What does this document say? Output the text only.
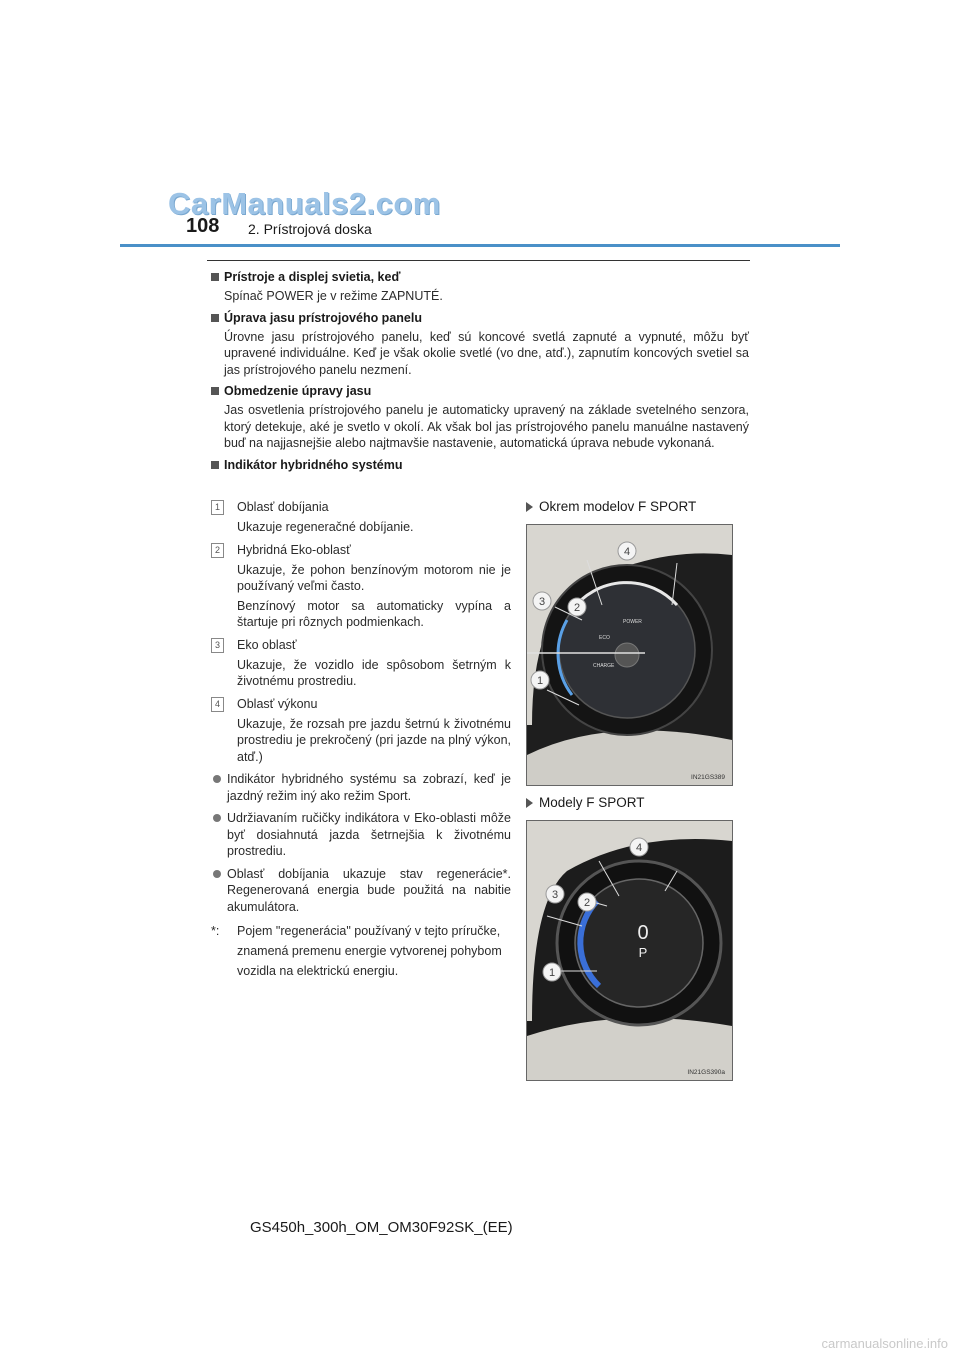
CarManuals2.com
108 2. Prístrojová doska
Prístroje a displej svietia, keď
Spínač POWER je v režime ZAPNUTÉ.
Úprava jasu prístrojového panelu
Úrovne jasu prístrojového panelu, keď sú koncové svetlá zapnuté a vypnuté, môžu byť upravené individuálne. Keď je však okolie svetlé (vo dne, atď.), zapnutím koncových svetiel sa jas prístrojového panelu nezmení.
Obmedzenie úpravy jasu
Jas osvetlenia prístrojového panelu je automaticky upravený na základe svetelného senzora, ktorý detekuje, aké je svetlo v okolí. Ak však bol jas prístrojového panelu manuálne nastavený buď na najjasnejšie alebo najtmavšie nastavenie, automatická úprava nebude vykonaná.
Indikátor hybridného systému
1	Oblasť dobíjania
Ukazuje regeneračné dobíjanie.
2	Hybridná Eko-oblasť
Ukazuje, že pohon benzínovým motorom nie je používaný veľmi často.
Benzínový motor sa automaticky vypína a štartuje pri rôznych podmienkach.
3	Eko oblasť
Ukazuje, že vozidlo ide spôsobom šetrným k životnému prostrediu.
4	Oblasť výkonu
Ukazuje, že rozsah pre jazdu šetrnú k životnému prostrediu je prekročený (pri jazde na plný výkon, atď.)
Indikátor hybridného systému sa zobrazí, keď je jazdný režim iný ako režim Sport.
Udržiavaním ručičky indikátora v Eko-oblasti môže byť dosiahnutá jazda šetrnejšia k životnému prostrediu.
Oblasť dobíjania ukazuje stav regenerácie*. Regenerovaná energia bude použitá na nabitie akumulátora.
*:	Pojem "regenerácia" používaný v tejto príručke, znamená premenu energie vytvorenej pohybom vozidla na elektrickú energiu.
Okrem modelov F SPORT
POWER
ECO
CHARGE
1
2
3
4
IN21GS389
Modely F SPORT
0
P
1
2
3
4
IN21GS390a
GS450h_300h_OM_OM30F92SK_(EE)
carmanualsonline.info
